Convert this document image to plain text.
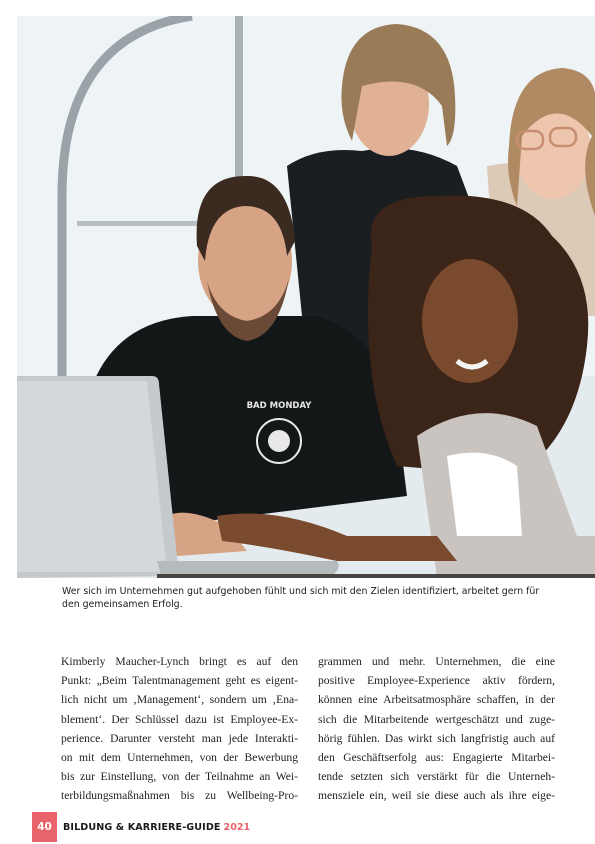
BAD MONDAY
Wer sich im Unternehmen gut aufgehoben fühlt und sich mit den Zielen identifiziert, arbeitet gern für den gemeinsamen Erfolg.
Kimberly Maucher-Lynch bringt es auf den
Punkt: „Beim Talentmanagement geht es eigent-
lich nicht um ‚Management‘, sondern um ‚Ena-
blement‘. Der Schlüssel dazu ist Employee-Ex-
perience. Darunter versteht man jede Interakti-
on mit dem Unternehmen, von der Bewerbung
bis zur Einstellung, von der Teilnahme an Wei-
terbildungsmaßnahmen bis zu Wellbeing-Pro-
grammen und mehr. Unternehmen, die eine
positive Employee-Experience aktiv fördern,
können eine Arbeitsatmosphäre schaffen, in der
sich die Mitarbeitende wertgeschätzt und zuge-
hörig fühlen. Das wirkt sich langfristig auch auf
den Geschäftserfolg aus: Engagierte Mitarbei-
tende setzten sich verstärkt für die Unterneh-
mensziele ein, weil sie diese auch als ihre eige-
40	BILDUNG & KARRIERE-GUIDE 2021
